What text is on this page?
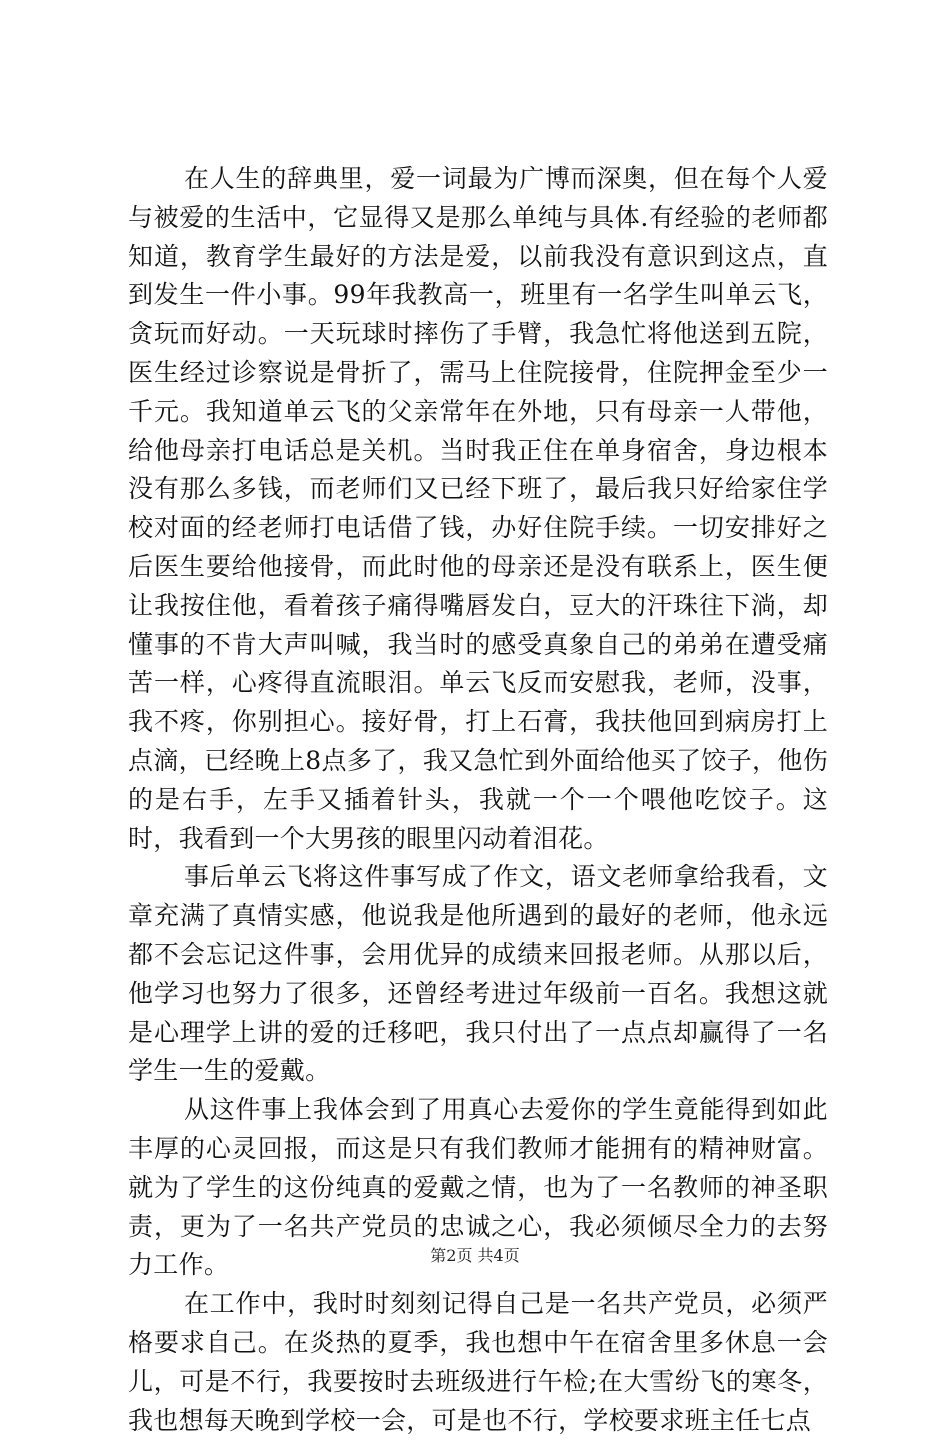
在人生的辞典里，爱一词最为广博而深奥，但在每个人爱与被爱的生活中，它显得又是那么单纯与具体.有经验的老师都知道，教育学生最好的方法是爱，以前我没有意识到这点，直到发生一件小事。99年我教高一，班里有一名学生叫单云飞，贪玩而好动。一天玩球时摔伤了手臂，我急忙将他送到五院，医生经过诊察说是骨折了，需马上住院接骨，住院押金至少一千元。我知道单云飞的父亲常年在外地，只有母亲一人带他，给他母亲打电话总是关机。当时我正住在单身宿舍，身边根本没有那么多钱，而老师们又已经下班了，最后我只好给家住学校对面的经老师打电话借了钱，办好住院手续。一切安排好之后医生要给他接骨，而此时他的母亲还是没有联系上，医生便让我按住他，看着孩子痛得嘴唇发白，豆大的汗珠往下淌，却懂事的不肯大声叫喊，我当时的感受真象自己的弟弟在遭受痛苦一样，心疼得直流眼泪。单云飞反而安慰我，老师，没事，我不疼，你别担心。接好骨，打上石膏，我扶他回到病房打上点滴，已经晚上8点多了，我又急忙到外面给他买了饺子，他伤的是右手，左手又插着针头，我就一个一个喂他吃饺子。这时，我看到一个大男孩的眼里闪动着泪花。

事后单云飞将这件事写成了作文，语文老师拿给我看，文章充满了真情实感，他说我是他所遇到的最好的老师，他永远都不会忘记这件事，会用优异的成绩来回报老师。从那以后，他学习也努力了很多，还曾经考进过年级前一百名。我想这就是心理学上讲的爱的迁移吧，我只付出了一点点却赢得了一名学生一生的爱戴。

从这件事上我体会到了用真心去爱你的学生竟能得到如此丰厚的心灵回报，而这是只有我们教师才能拥有的精神财富。就为了学生的这份纯真的爱戴之情，也为了一名教师的神圣职责，更为了一名共产党员的忠诚之心，我必须倾尽全力的去努力工作。

在工作中，我时时刻刻记得自己是一名共产党员，必须严格要求自己。在炎热的夏季，我也想中午在宿舍里多休息一会儿，可是不行，我要按时去班级进行午检;在大雪纷飞的寒冬，我也想每天晚到学校一会，可是也不行，学校要求班主任七点

第2页 共4页
